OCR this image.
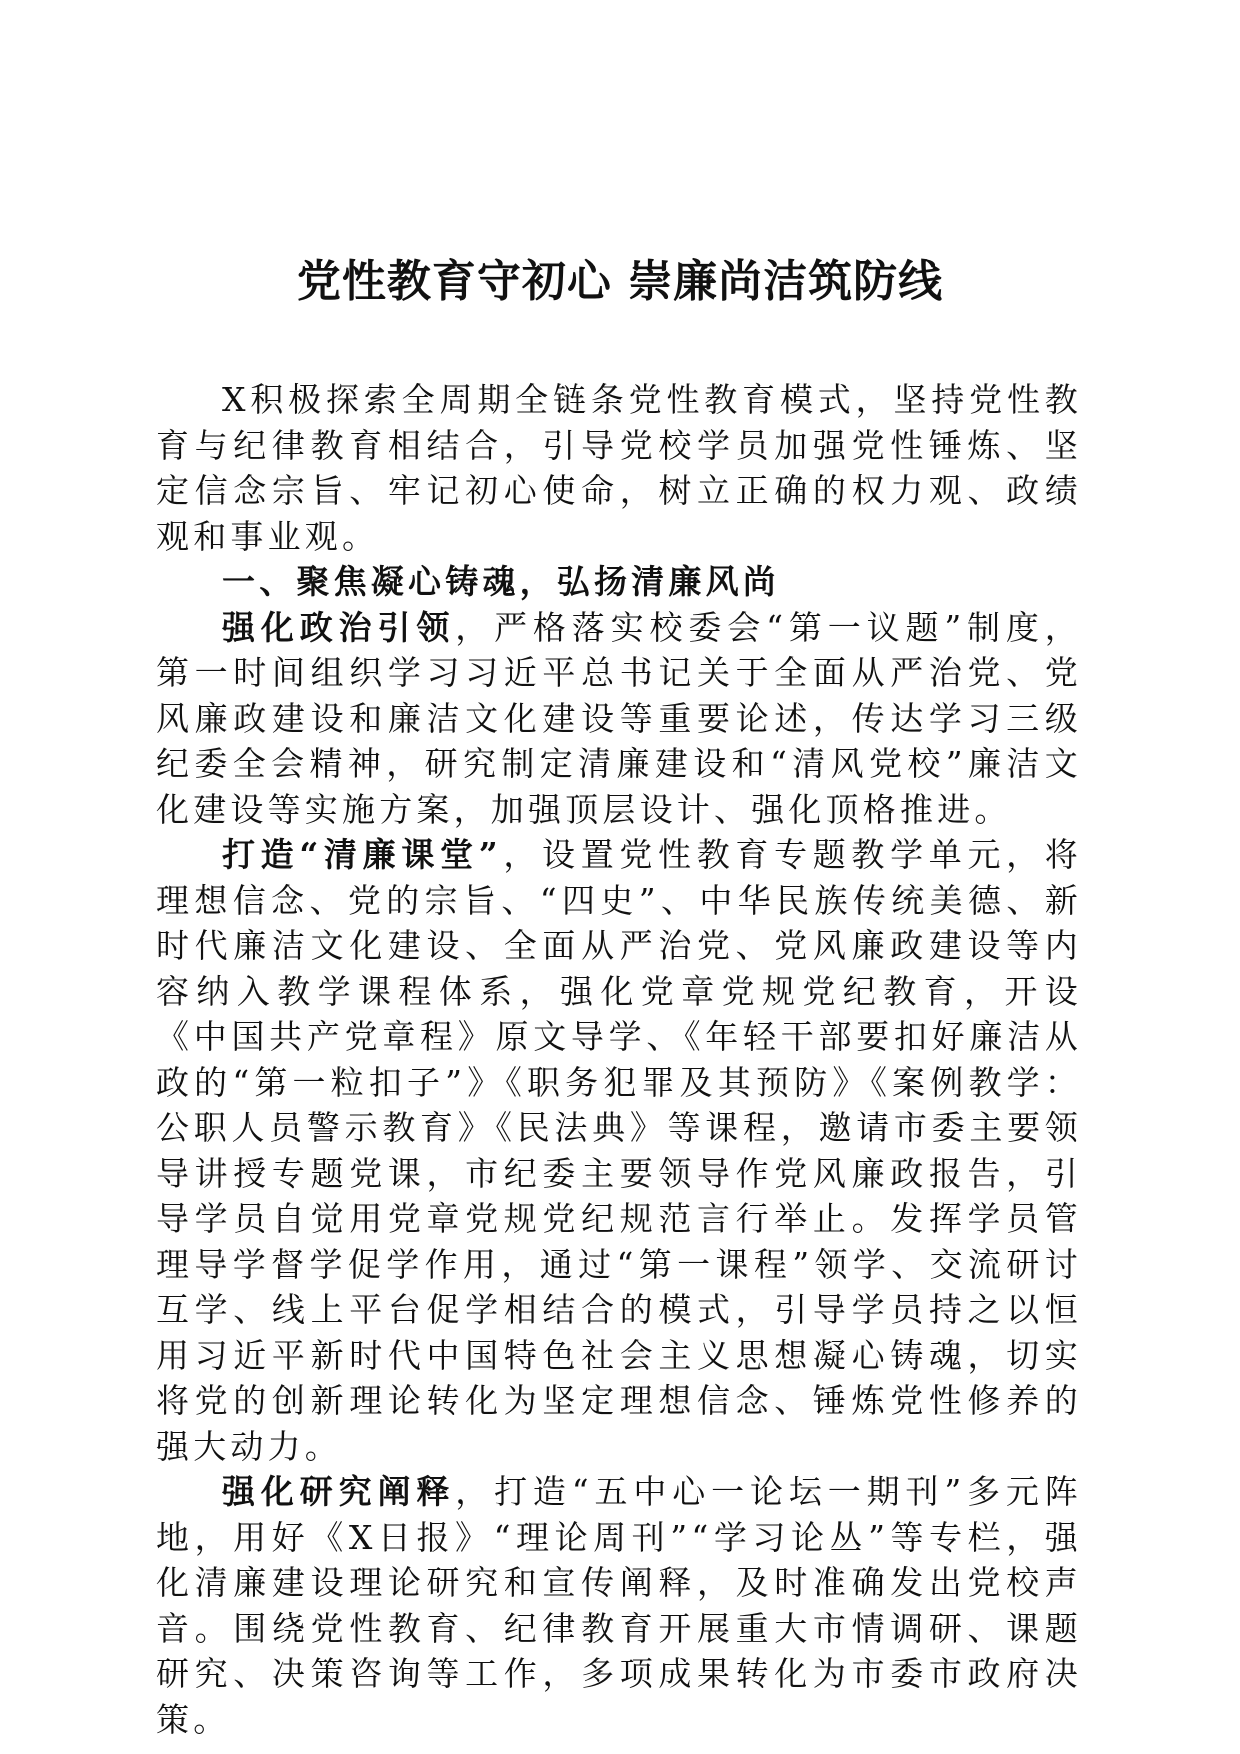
党性教育守初心 崇廉尚洁筑防线

X积极探索全周期全链条党性教育模式，坚持党性教育与纪律教育相结合，引导党校学员加强党性锤炼、坚定信念宗旨、牢记初心使命，树立正确的权力观、政绩观和事业观。

一、聚焦凝心铸魂，弘扬清廉风尚

强化政治引领，严格落实校委会“第一议题”制度，第一时间组织学习习近平总书记关于全面从严治党、党风廉政建设和廉洁文化建设等重要论述，传达学习三级纪委全会精神，研究制定清廉建设和“清风党校”廉洁文化建设等实施方案，加强顶层设计、强化顶格推进。

打造“清廉课堂”，设置党性教育专题教学单元，将理想信念、党的宗旨、“四史”、中华民族传统美德、新时代廉洁文化建设、全面从严治党、党风廉政建设等内容纳入教学课程体系，强化党章党规党纪教育，开设《中国共产党章程》原文导学、《年轻干部要扣好廉洁从政的“第一粒扣子”》《职务犯罪及其预防》《案例教学：公职人员警示教育》《民法典》等课程，邀请市委主要领导讲授专题党课，市纪委主要领导作党风廉政报告，引导学员自觉用党章党规党纪规范言行举止。发挥学员管理导学督学促学作用，通过“第一课程”领学、交流研讨互学、线上平台促学相结合的模式，引导学员持之以恒用习近平新时代中国特色社会主义思想凝心铸魂，切实将党的创新理论转化为坚定理想信念、锤炼党性修养的强大动力。

强化研究阐释，打造“五中心一论坛一期刊”多元阵地，用好《X日报》“理论周刊”“学习论丛”等专栏，强化清廉建设理论研究和宣传阐释，及时准确发出党校声音。围绕党性教育、纪律教育开展重大市情调研、课题研究、决策咨询等工作，多项成果转化为市委市政府决策。
